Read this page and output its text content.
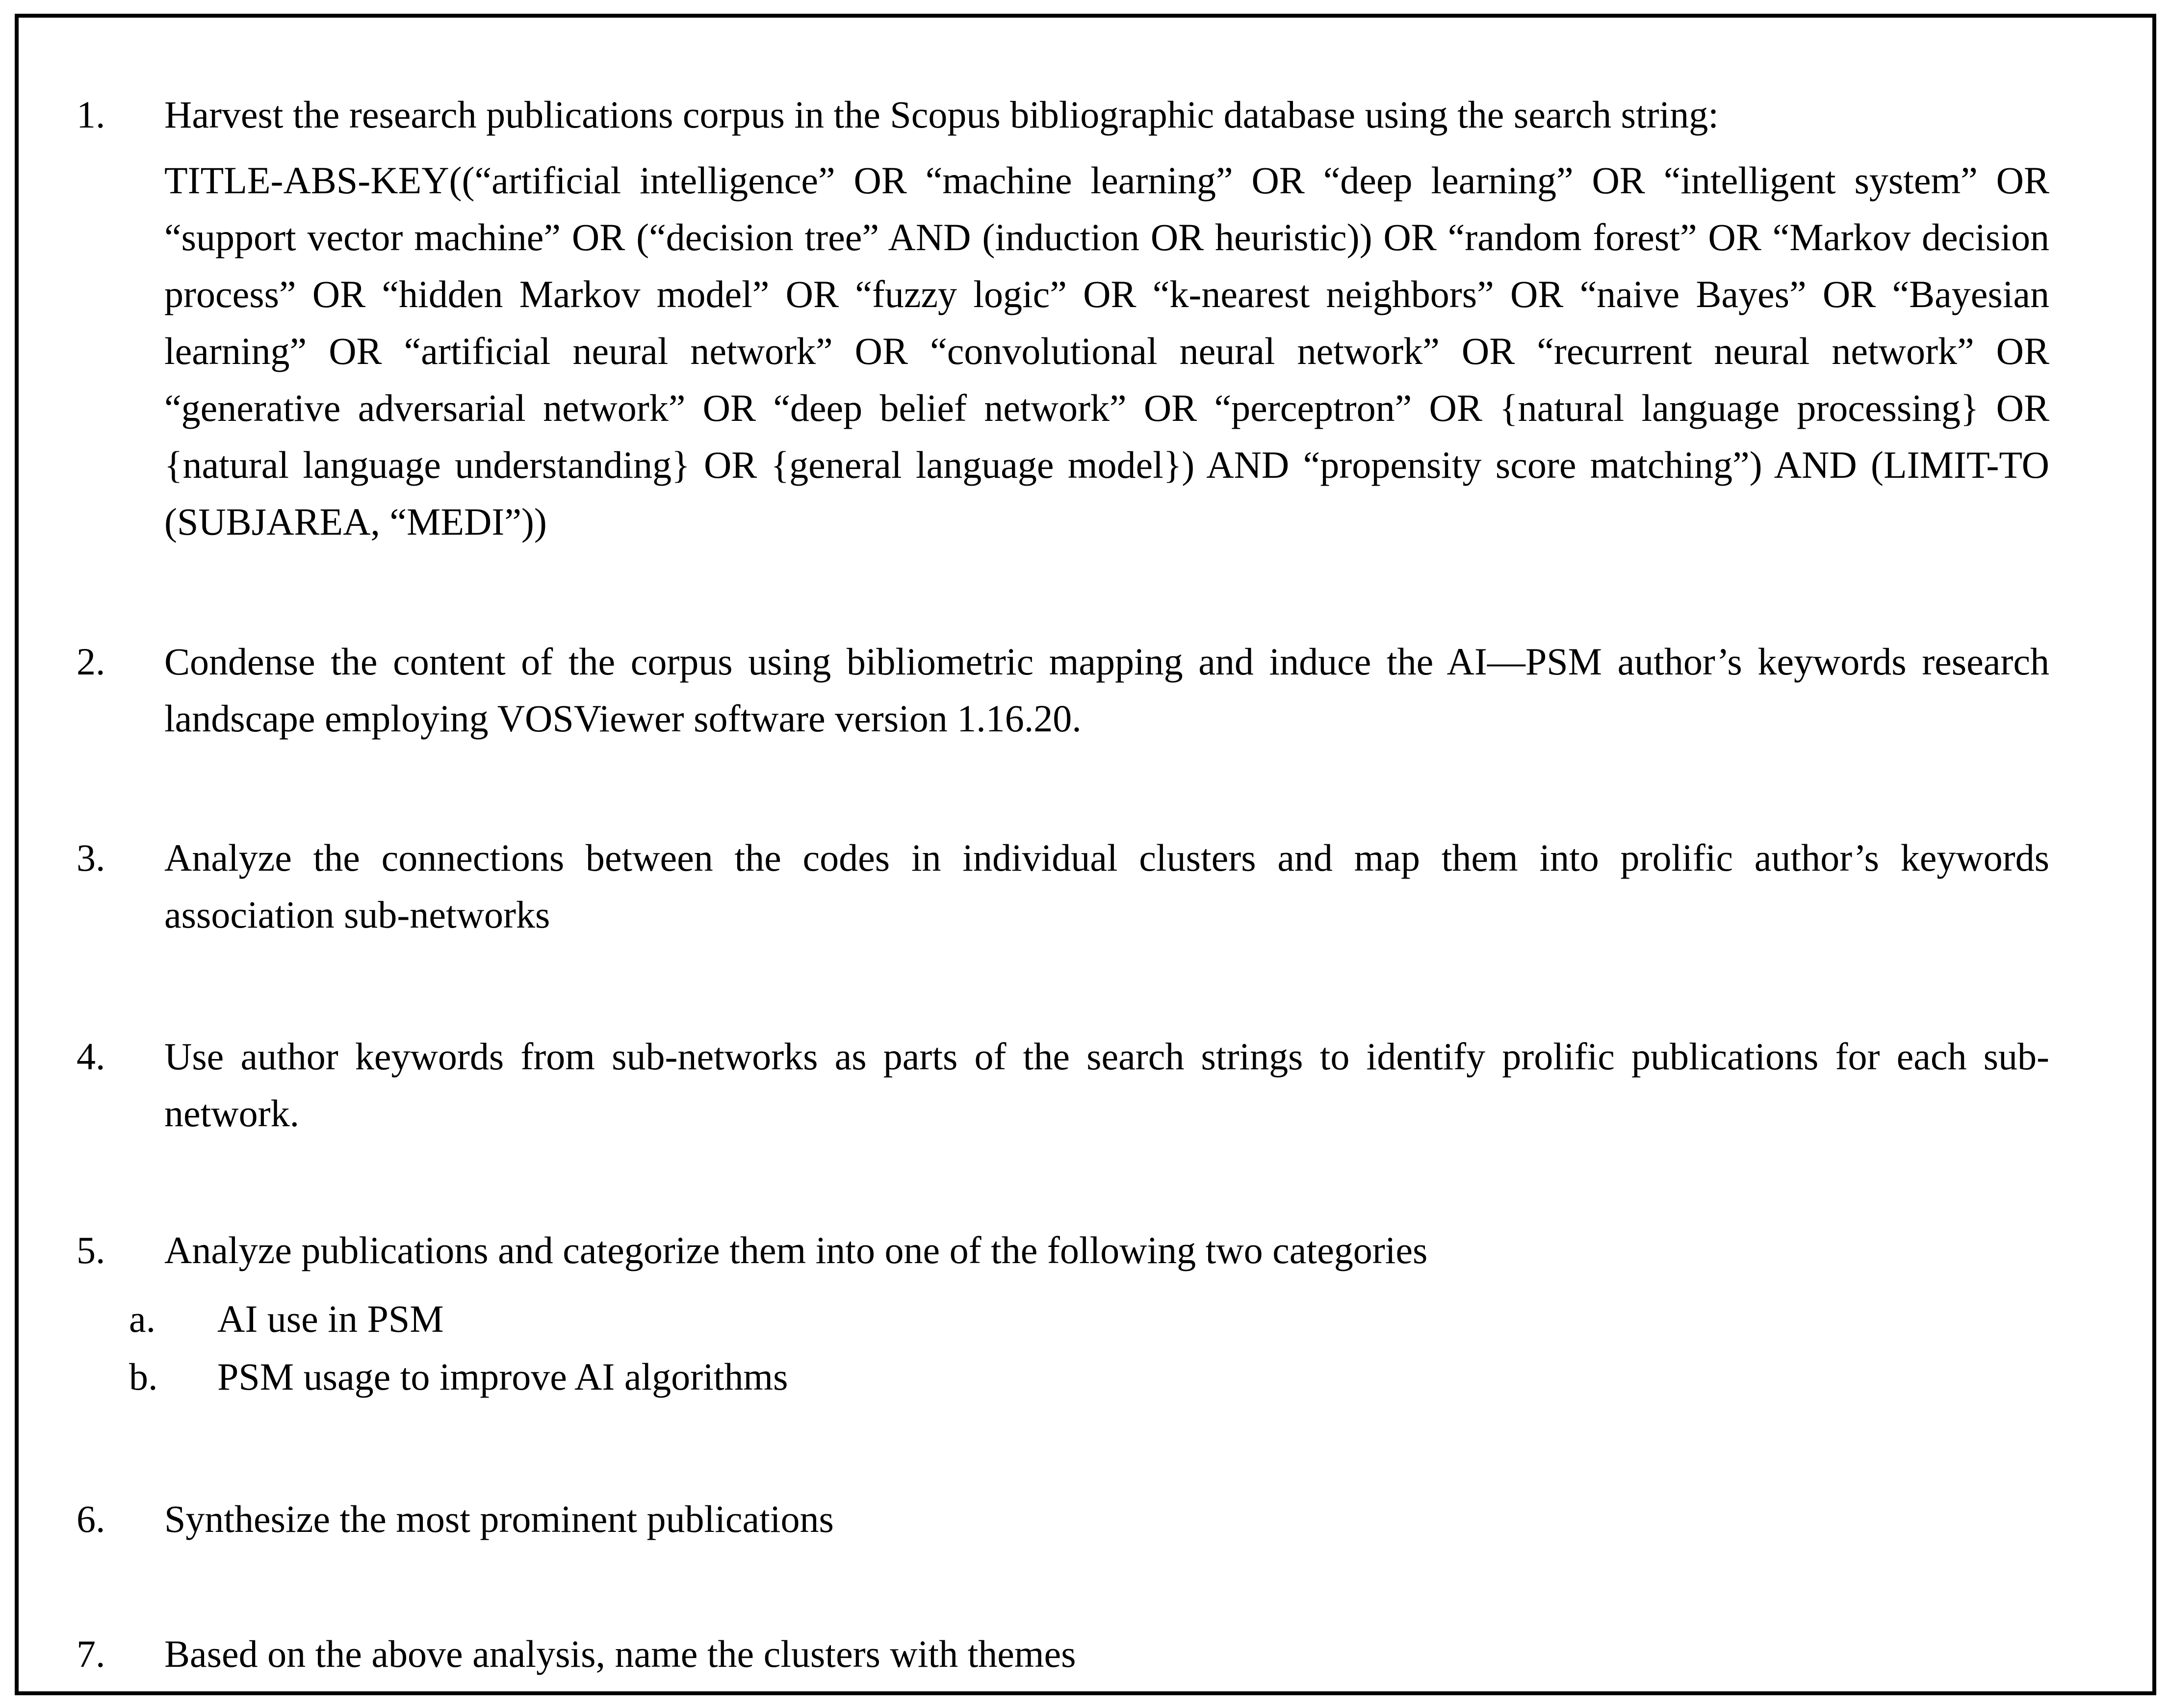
1.	Harvest the research publications corpus in the Scopus bibliographic database using the search string:

TITLE-ABS-KEY((“artificial intelligence” OR “machine learning” OR “deep learning” OR “intelligent system” OR “support vector machine” OR (“decision tree” AND (induction OR heuristic)) OR “random forest” OR “Markov decision process” OR “hidden Markov model” OR “fuzzy logic” OR “k-nearest neighbors” OR “naive Bayes” OR “Bayesian learning” OR “artificial neural network” OR “convolutional neural network” OR “recurrent neural network” OR “generative adversarial network” OR “deep belief network” OR “perceptron” OR {natural language processing} OR {natural language understanding} OR {general language model}) AND “propensity score matching”) AND (LIMIT-TO (SUBJAREA, “MEDI”))

2.	Condense the content of the corpus using bibliometric mapping and induce the AI—PSM author’s keywords research landscape employing VOSViewer software version 1.16.20.

3.	Analyze the connections between the codes in individual clusters and map them into prolific author’s keywords association sub-networks

4.	Use author keywords from sub-networks as parts of the search strings to identify prolific publications for each sub-network.

5.	Analyze publications and categorize them into one of the following two categories

a. AI use in PSM
b. PSM usage to improve AI algorithms
6.	Synthesize the most prominent publications

7.	Based on the above analysis, name the clusters with themes
